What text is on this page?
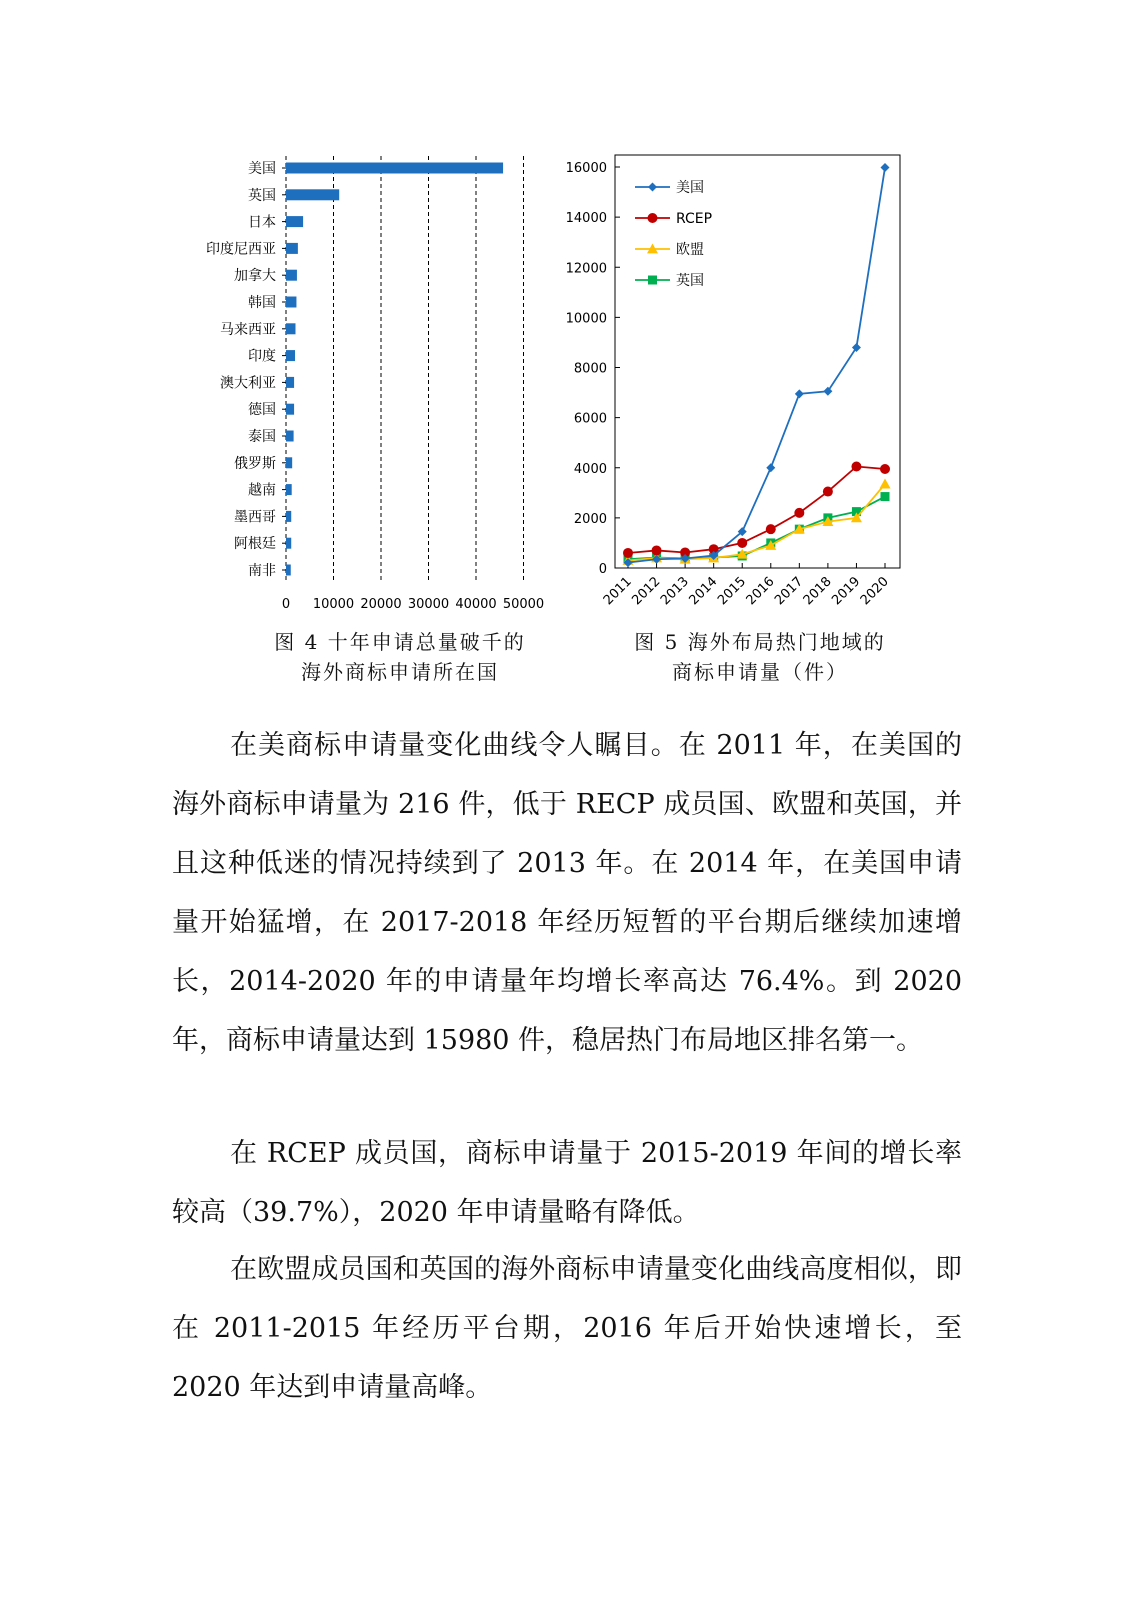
0 10000 20000 30000 40000 50000
美国
英国
日本
印度尼西亚
加拿大
韩国
马来西亚
印度
澳大利亚
德国
泰国
俄罗斯
越南
墨西哥
阿根廷
南非
图 4 十年申请总量破千的
海外商标申请所在国
0
2000
4000
6000
8000
10000
12000
14000
16000
2011
2012
2013
2014
2015
2016
2017
2018
2019
2020
美国
RCEP
欧盟
英国
图 5 海外布局热门地域的
商标申请量（件）

在美商标申请量变化曲线令人瞩目。在 2011 年，在美国的海外商标申请量为 216 件，低于 RECP 成员国、欧盟和英国，并且这种低迷的情况持续到了 2013 年。在 2014 年，在美国申请量开始猛增，在 2017-2018 年经历短暂的平台期后继续加速增长，2014-2020 年的申请量年均增长率高达 76.4%。到 2020 年，商标申请量达到 15980 件，稳居热门布局地区排名第一。

在 RCEP 成员国，商标申请量于 2015-2019 年间的增长率较高（39.7%），2020 年申请量略有降低。

在欧盟成员国和英国的海外商标申请量变化曲线高度相似，即在 2011-2015 年经历平台期，2016 年后开始快速增长，至 2020 年达到申请量高峰。
